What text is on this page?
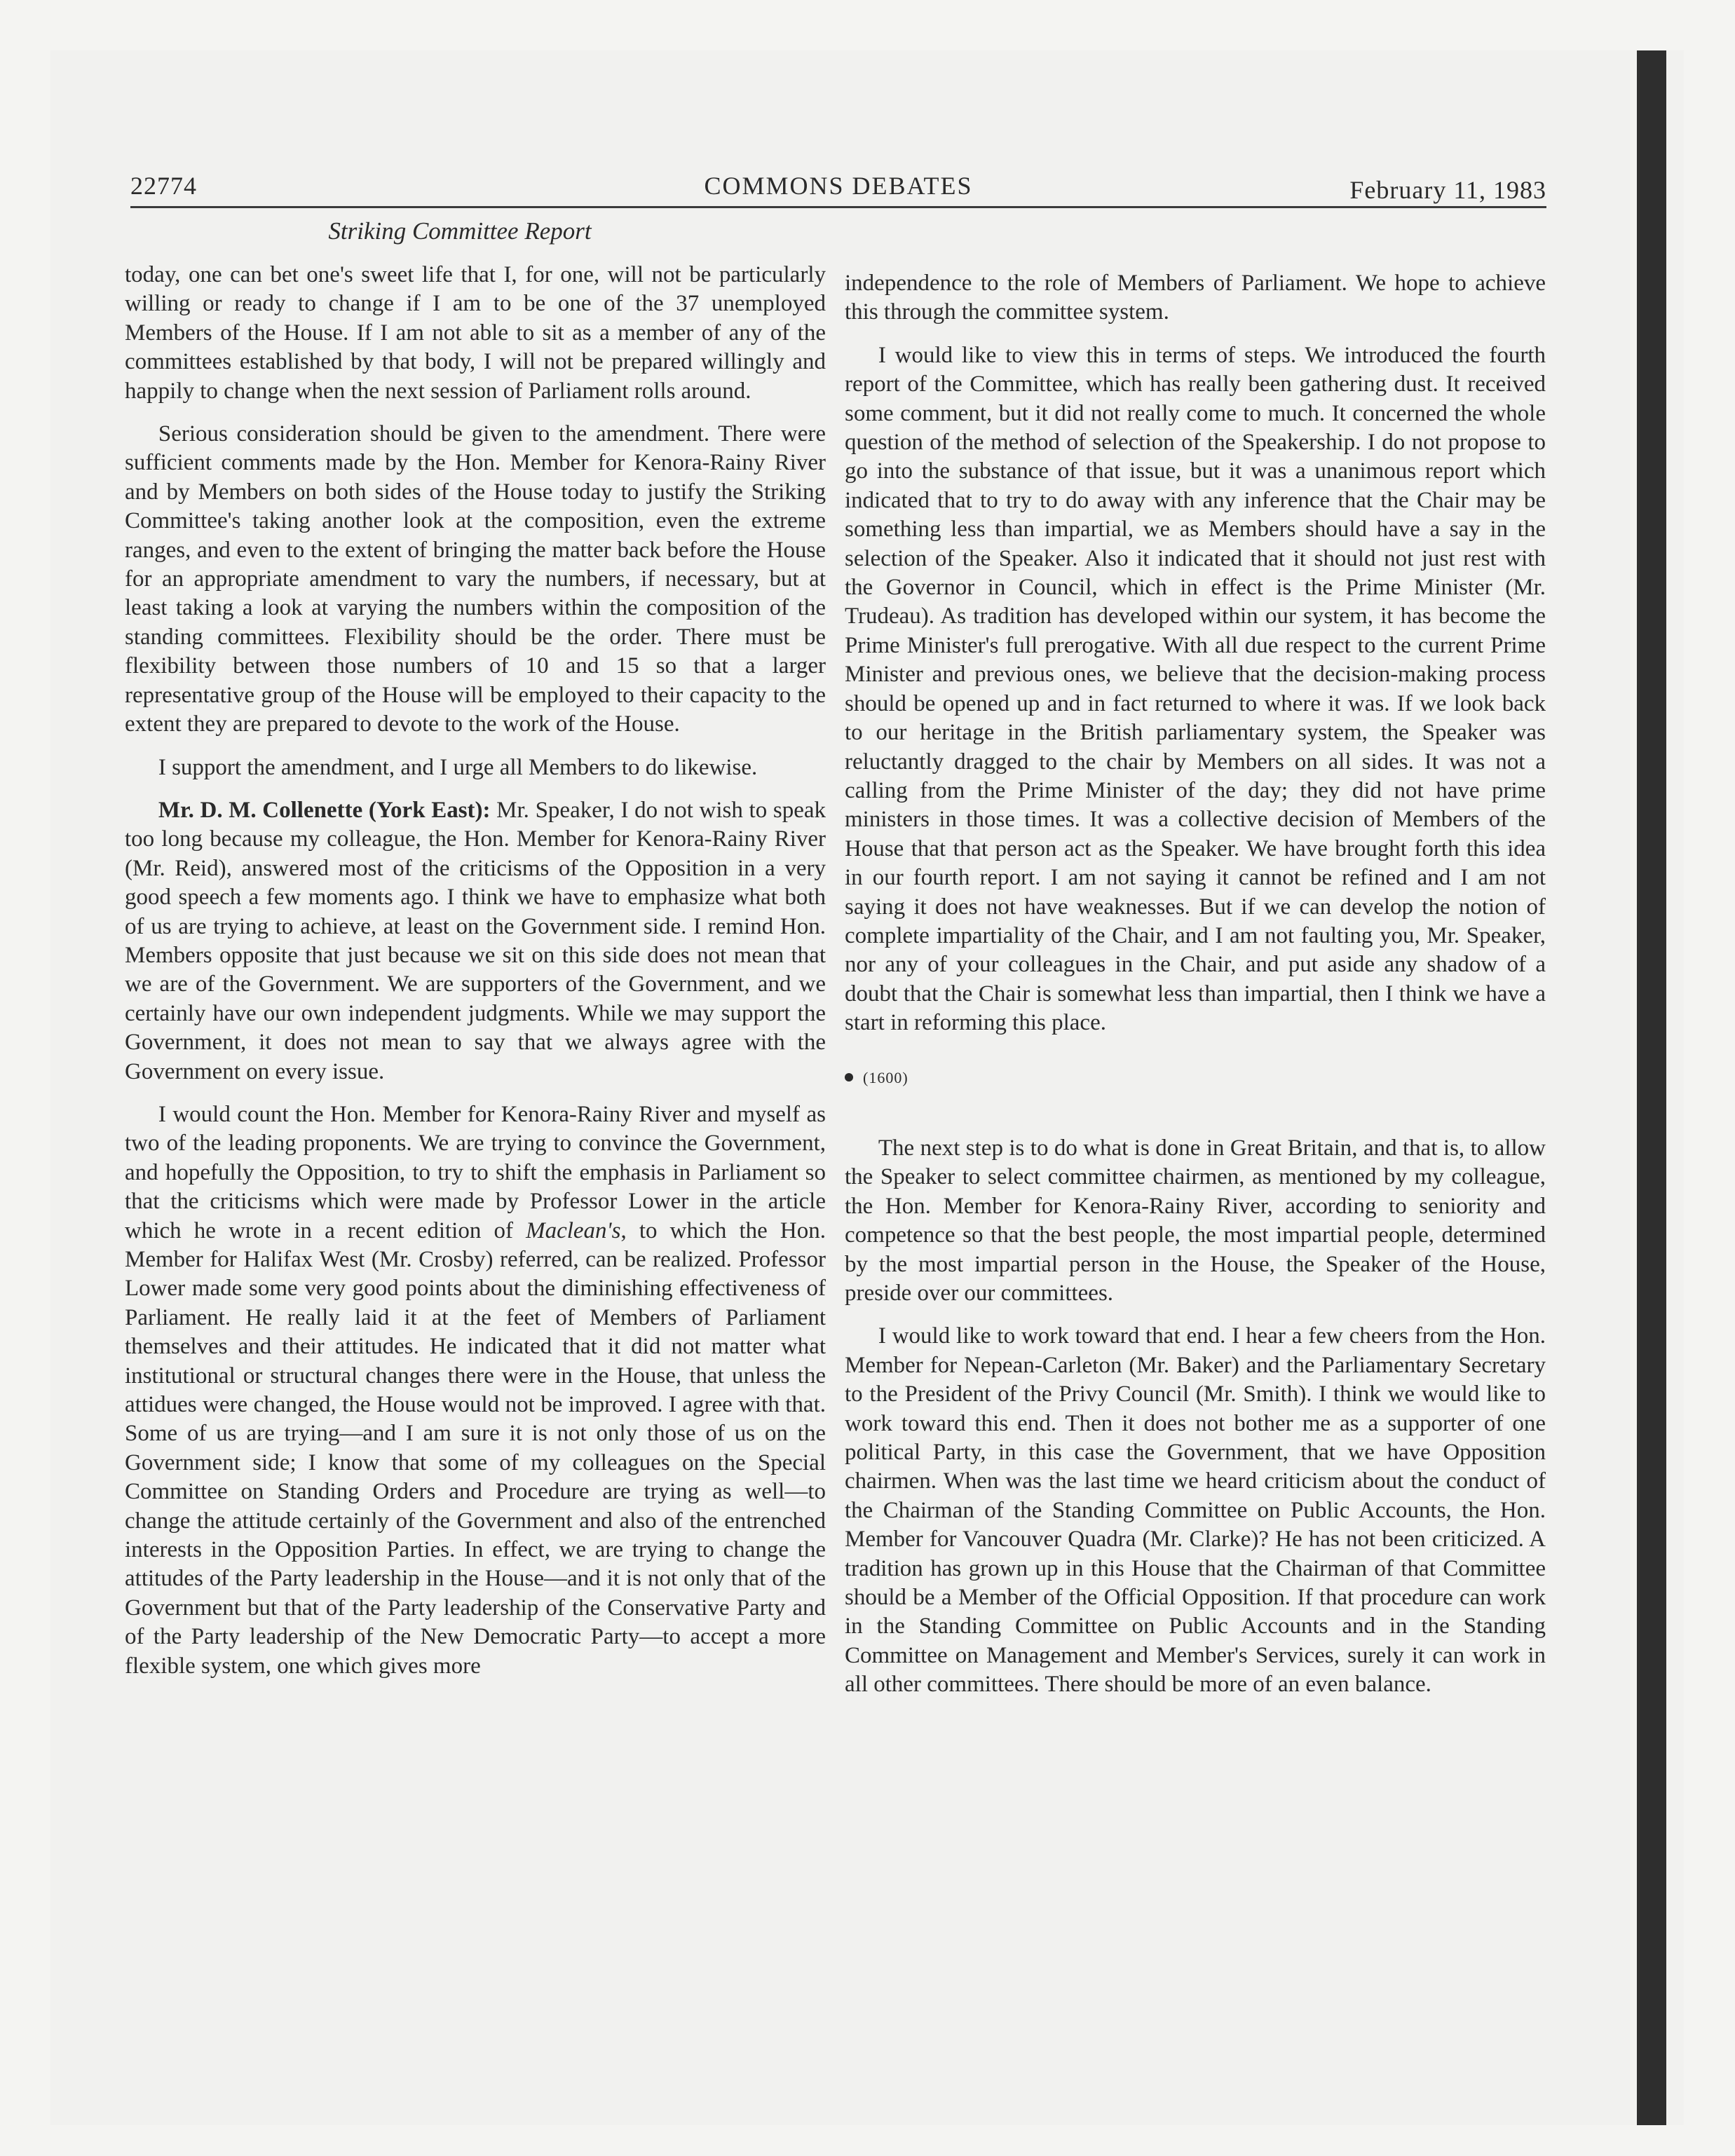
22774	COMMONS DEBATES	February 11, 1983
Striking Committee Report

today, one can bet one's sweet life that I, for one, will not be particularly willing or ready to change if I am to be one of the 37 unemployed Members of the House. If I am not able to sit as a member of any of the committees established by that body, I will not be prepared willingly and happily to change when the next session of Parliament rolls around.

Serious consideration should be given to the amendment. There were sufficient comments made by the Hon. Member for Kenora-Rainy River and by Members on both sides of the House today to justify the Striking Committee's taking another look at the composition, even the extreme ranges, and even to the extent of bringing the matter back before the House for an appropriate amendment to vary the numbers, if necessary, but at least taking a look at varying the numbers within the composition of the standing committees. Flexibility should be the order. There must be flexibility between those numbers of 10 and 15 so that a larger representative group of the House will be employed to their capacity to the extent they are prepared to devote to the work of the House.

I support the amendment, and I urge all Members to do likewise.

Mr. D. M. Collenette (York East): Mr. Speaker, I do not wish to speak too long because my colleague, the Hon. Member for Kenora-Rainy River (Mr. Reid), answered most of the criticisms of the Opposition in a very good speech a few moments ago. I think we have to emphasize what both of us are trying to achieve, at least on the Government side. I remind Hon. Members opposite that just because we sit on this side does not mean that we are of the Government. We are supporters of the Government, and we certainly have our own independent judgments. While we may support the Government, it does not mean to say that we always agree with the Government on every issue.

I would count the Hon. Member for Kenora-Rainy River and myself as two of the leading proponents. We are trying to convince the Government, and hopefully the Opposition, to try to shift the emphasis in Parliament so that the criticisms which were made by Professor Lower in the article which he wrote in a recent edition of Maclean's, to which the Hon. Member for Halifax West (Mr. Crosby) referred, can be realized. Professor Lower made some very good points about the diminishing effectiveness of Parliament. He really laid it at the feet of Members of Parliament themselves and their attitudes. He indicated that it did not matter what institutional or structural changes there were in the House, that unless the attidues were changed, the House would not be improved. I agree with that. Some of us are trying—and I am sure it is not only those of us on the Government side; I know that some of my colleagues on the Special Committee on Standing Orders and Procedure are trying as well—to change the attitude certainly of the Government and also of the entrenched interests in the Opposition Parties. In effect, we are trying to change the attitudes of the Party leadership in the House—and it is not only that of the Government but that of the Party leadership of the Conservative Party and of the Party leadership of the New Democratic Party—to accept a more flexible system, one which gives more

independence to the role of Members of Parliament. We hope to achieve this through the committee system.

I would like to view this in terms of steps. We introduced the fourth report of the Committee, which has really been gathering dust. It received some comment, but it did not really come to much. It concerned the whole question of the method of selection of the Speakership. I do not propose to go into the substance of that issue, but it was a unanimous report which indicated that to try to do away with any inference that the Chair may be something less than impartial, we as Members should have a say in the selection of the Speaker. Also it indicated that it should not just rest with the Governor in Council, which in effect is the Prime Minister (Mr. Trudeau). As tradition has developed within our system, it has become the Prime Minister's full prerogative. With all due respect to the current Prime Minister and previous ones, we believe that the decision-making process should be opened up and in fact returned to where it was. If we look back to our heritage in the British parliamentary system, the Speaker was reluctantly dragged to the chair by Members on all sides. It was not a calling from the Prime Minister of the day; they did not have prime ministers in those times. It was a collective decision of Members of the House that that person act as the Speaker. We have brought forth this idea in our fourth report. I am not saying it cannot be refined and I am not saying it does not have weaknesses. But if we can develop the notion of complete impartiality of the Chair, and I am not faulting you, Mr. Speaker, nor any of your colleagues in the Chair, and put aside any shadow of a doubt that the Chair is somewhat less than impartial, then I think we have a start in reforming this place.

(1600)

The next step is to do what is done in Great Britain, and that is, to allow the Speaker to select committee chairmen, as mentioned by my colleague, the Hon. Member for Kenora-Rainy River, according to seniority and competence so that the best people, the most impartial people, determined by the most impartial person in the House, the Speaker of the House, preside over our committees.

I would like to work toward that end. I hear a few cheers from the Hon. Member for Nepean-Carleton (Mr. Baker) and the Parliamentary Secretary to the President of the Privy Council (Mr. Smith). I think we would like to work toward this end. Then it does not bother me as a supporter of one political Party, in this case the Government, that we have Opposition chairmen. When was the last time we heard criticism about the conduct of the Chairman of the Standing Committee on Public Accounts, the Hon. Member for Vancouver Quadra (Mr. Clarke)? He has not been criticized. A tradition has grown up in this House that the Chairman of that Committee should be a Member of the Official Opposition. If that procedure can work in the Standing Committee on Public Accounts and in the Standing Committee on Management and Member's Services, surely it can work in all other committees. There should be more of an even balance.
